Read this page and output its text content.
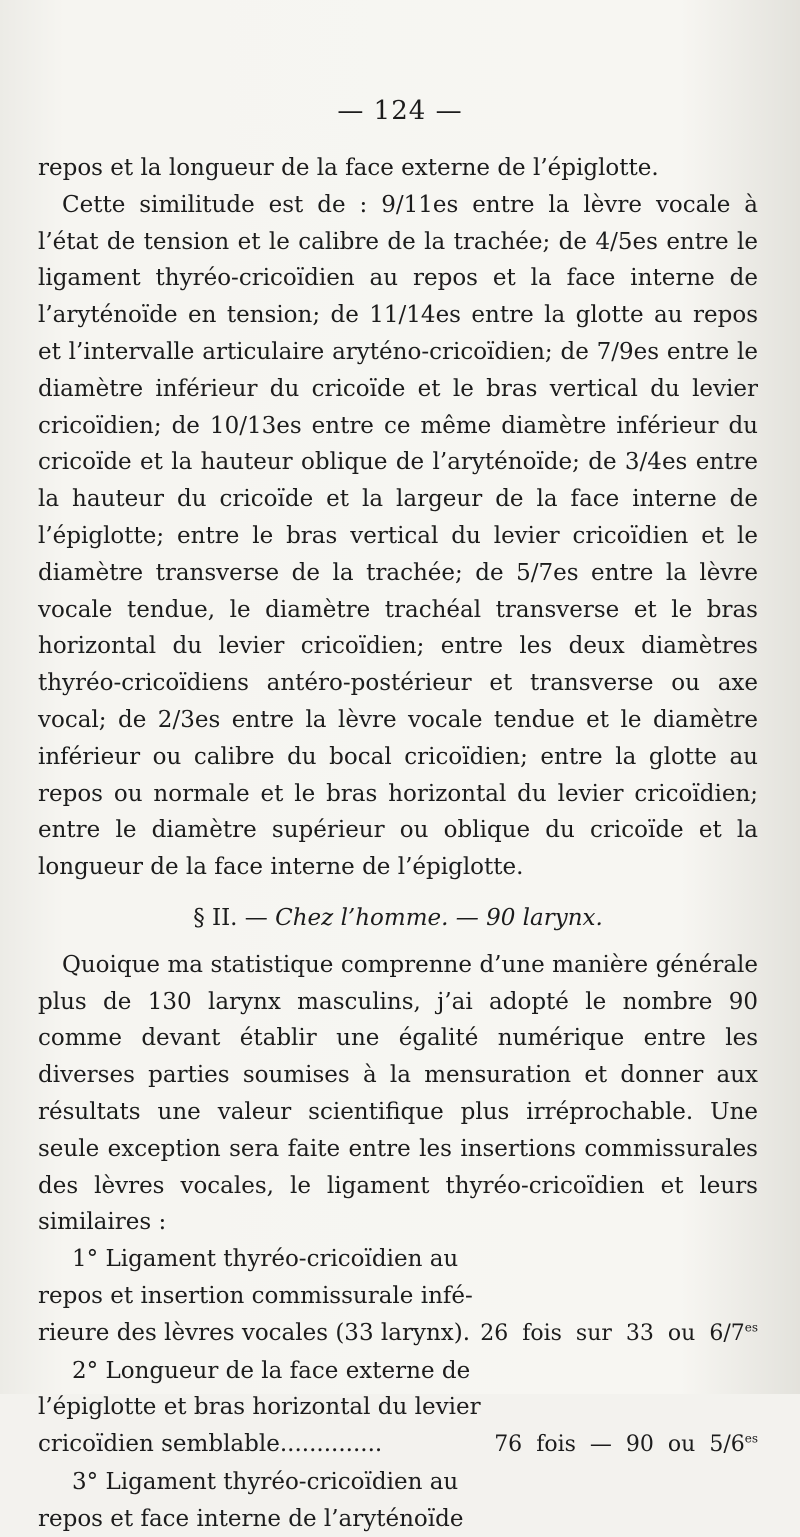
— 124 —

repos et la longueur de la face externe de l’épiglotte.

Cette similitude est de : 9/11es entre la lèvre vocale à l’état de tension et le calibre de la trachée; de 4/5es entre le ligament thyréo-cricoïdien au repos et la face interne de l’aryténoïde en tension; de 11/14es entre la glotte au repos et l’intervalle articulaire aryténo-cricoïdien; de 7/9es entre le diamètre inférieur du cricoïde et le bras vertical du levier cricoïdien; de 10/13es entre ce même diamètre inférieur du cricoïde et la hauteur oblique de l’aryténoïde; de 3/4es entre la hauteur du cricoïde et la largeur de la face interne de l’épiglotte; entre le bras vertical du levier cricoïdien et le diamètre transverse de la trachée; de 5/7es entre la lèvre vocale tendue, le diamètre trachéal transverse et le bras horizontal du levier cricoïdien; entre les deux diamètres thyréo-cricoïdiens antéro-postérieur et transverse ou axe vocal; de 2/3es entre la lèvre vocale tendue et le diamètre inférieur ou calibre du bocal cricoïdien; entre la glotte au repos ou normale et le bras horizontal du levier cricoïdien; entre le diamètre supérieur ou oblique du cricoïde et la longueur de la face interne de l’épiglotte.

§ II. — Chez l’homme. — 90 larynx.

Quoique ma statistique comprenne d’une manière générale plus de 130 larynx masculins, j’ai adopté le nombre 90 comme devant établir une égalité numérique entre les diverses parties soumises à la mensuration et donner aux résultats une valeur scientifique plus irréprochable. Une seule exception sera faite entre les insertions commissurales des lèvres vocales, le ligament thyréo-cricoïdien et leurs similaires :

1° Ligament thyréo-cricoïdien au
repos et insertion commissurale infé-
rieure des lèvres vocales (33 larynx). 26 fois sur 33 ou $6/7^{es}$
2° Longueur de la face externe de
l’épiglotte et bras horizontal du levier
cricoïdien semblable..............	76 fois — 90 ou $5/6^{es}$
3° Ligament thyréo-cricoïdien au
repos et face interne de l’aryténoïde
